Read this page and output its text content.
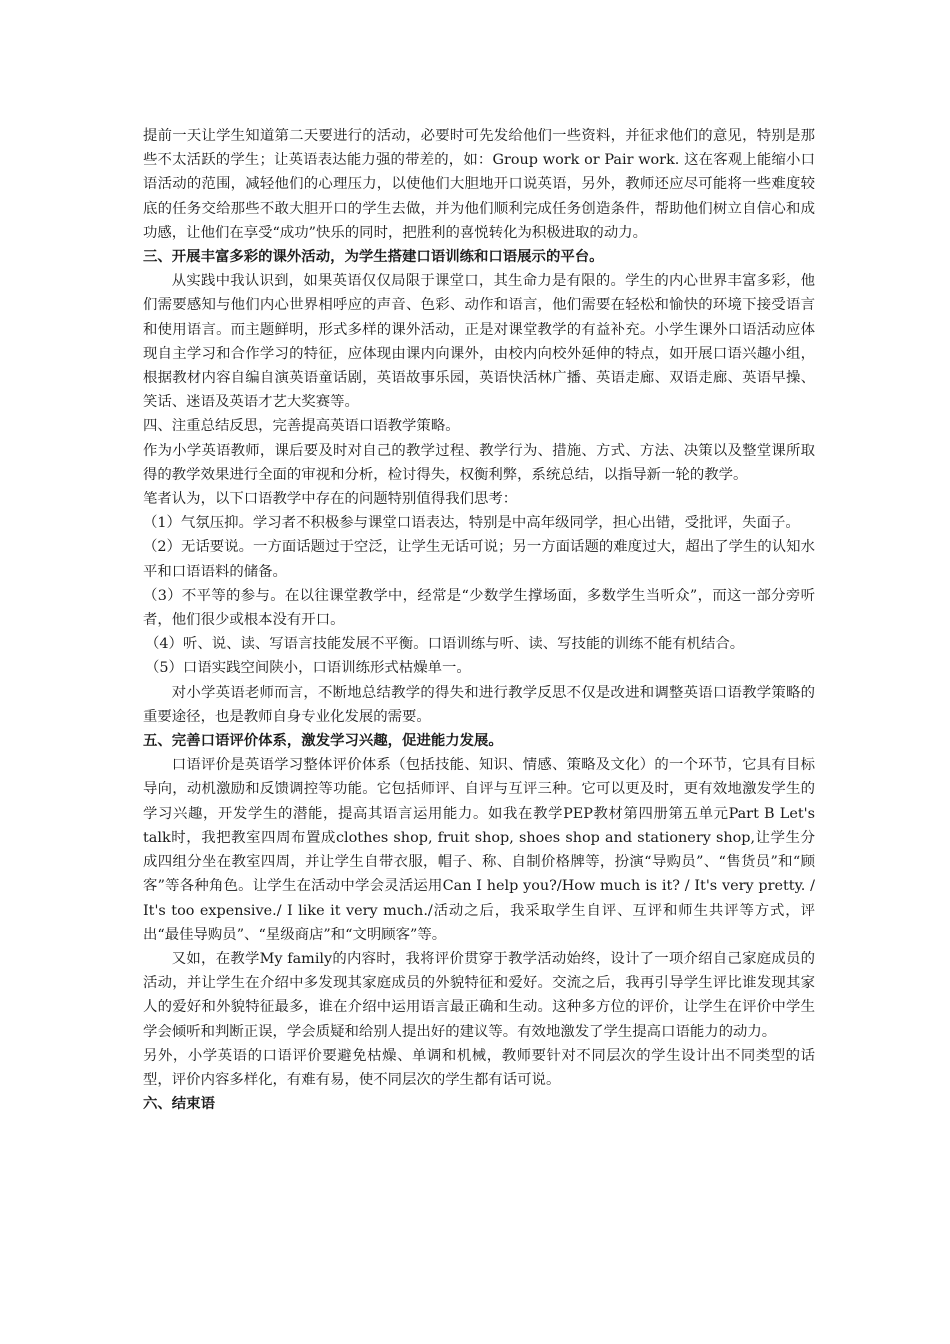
提前一天让学生知道第二天要进行的活动，必要时可先发给他们一些资料，并征求他们的意见，特别是那些不太活跃的学生；让英语表达能力强的带差的，如：Group work or Pair work. 这在客观上能缩小口语活动的范围，减轻他们的心理压力，以使他们大胆地开口说英语，另外，教师还应尽可能将一些难度较底的任务交给那些不敢大胆开口的学生去做，并为他们顺利完成任务创造条件，帮助他们树立自信心和成功感，让他们在享受“成功”快乐的同时，把胜利的喜悦转化为积极进取的动力。

三、开展丰富多彩的课外活动，为学生搭建口语训练和口语展示的平台。

从实践中我认识到，如果英语仅仅局限于课堂口，其生命力是有限的。学生的内心世界丰富多彩，他们需要感知与他们内心世界相呼应的声音、色彩、动作和语言，他们需要在轻松和愉快的环境下接受语言和使用语言。而主题鲜明，形式多样的课外活动，正是对课堂教学的有益补充。小学生课外口语活动应体现自主学习和合作学习的特征，应体现由课内向课外，由校内向校外延伸的特点，如开展口语兴趣小组，根据教材内容自编自演英语童话剧，英语故事乐园，英语快活林广播、英语走廊、双语走廊、英语早操、笑话、迷语及英语才艺大奖赛等。

四、注重总结反思，完善提高英语口语教学策略。

作为小学英语教师，课后要及时对自己的教学过程、教学行为、措施、方式、方法、决策以及整堂课所取得的教学效果进行全面的审视和分析，检讨得失，权衡利弊，系统总结，以指导新一轮的教学。

笔者认为，以下口语教学中存在的问题特别值得我们思考：

（1）气氛压抑。学习者不积极参与课堂口语表达，特别是中高年级同学，担心出错，受批评，失面子。

（2）无话要说。一方面话题过于空泛，让学生无话可说；另一方面话题的难度过大，超出了学生的认知水平和口语语料的储备。

（3）不平等的参与。在以往课堂教学中，经常是“少数学生撑场面，多数学生当听众”，而这一部分旁听者，他们很少或根本没有开口。

（4）听、说、读、写语言技能发展不平衡。口语训练与听、读、写技能的训练不能有机结合。

（5）口语实践空间陕小，口语训练形式枯燥单一。

对小学英语老师而言，不断地总结教学的得失和进行教学反思不仅是改进和调整英语口语教学策略的重要途径，也是教师自身专业化发展的需要。

五、完善口语评价体系，激发学习兴趣，促进能力发展。

口语评价是英语学习整体评价体系（包括技能、知识、情感、策略及文化）的一个环节，它具有目标导向，动机激励和反馈调控等功能。它包括师评、自评与互评三种。它可以更及时，更有效地激发学生的学习兴趣，开发学生的潜能，提高其语言运用能力。如我在教学PEP教材第四册第五单元Part B Let's talk时，我把教室四周布置成clothes shop, fruit shop, shoes shop and stationery shop,让学生分成四组分坐在教室四周，并让学生自带衣服，帽子、称、自制价格牌等，扮演“导购员”、“售货员”和“顾客”等各种角色。让学生在活动中学会灵活运用Can I help you?/How much is it? / It's very pretty. / It's too expensive./ I like it very much./活动之后，我采取学生自评、互评和师生共评等方式，评出“最佳导购员”、“星级商店”和“文明顾客”等。

又如，在教学My family的内容时，我将评价贯穿于教学活动始终，设计了一项介绍自己家庭成员的活动，并让学生在介绍中多发现其家庭成员的外貌特征和爱好。交流之后，我再引导学生评比谁发现其家人的爱好和外貌特征最多，谁在介绍中运用语言最正确和生动。这种多方位的评价，让学生在评价中学生学会倾听和判断正误，学会质疑和给别人提出好的建议等。有效地激发了学生提高口语能力的动力。

另外，小学英语的口语评价要避免枯燥、单调和机械，教师要针对不同层次的学生设计出不同类型的话型，评价内容多样化，有难有易，使不同层次的学生都有话可说。

六、结束语
